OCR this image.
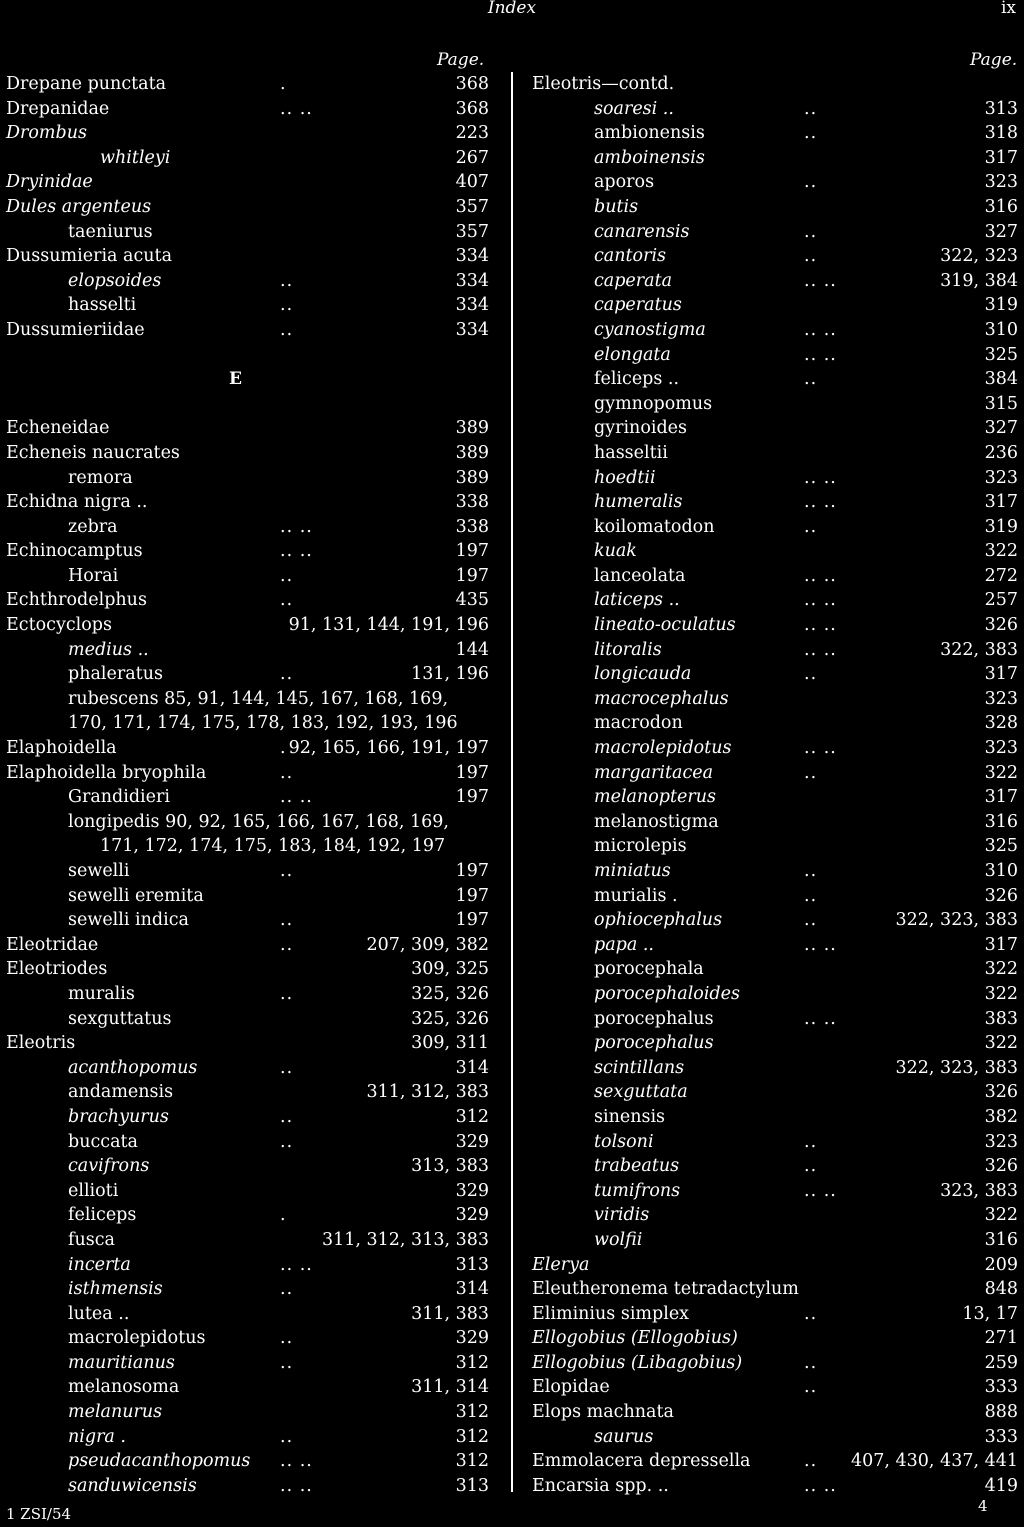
Index	ix
Page.	Page.
Drepane punctata	.	368
Drepanidae	.. ..	368
Drombus	223
whitleyi	267
Dryinidae	407
Dules argenteus	357
taeniurus	357
Dussumieria acuta	334
elopsoides	..	334
hasselti	..	334
Dussumieriidae	..	334
E
Echeneidae	389
Echeneis naucrates	389
remora	389
Echidna nigra ..	338
zebra	.. ..	338
Echinocamptus	.. ..	197
Horai	..	197
Echthrodelphus	..	435
Ectocyclops	91, 131, 144, 191, 196
medius ..	144
phaleratus	..	131, 196
rubescens 85, 91, 144, 145, 167, 168, 169,
170, 171, 174, 175, 178, 183, 192, 193, 196
Elaphoidella	. 92, 165, 166, 191, 197
Elaphoidella bryophila	..	197
Grandidieri	.. ..	197
longipedis 90, 92, 165, 166, 167, 168, 169,
171, 172, 174, 175, 183, 184, 192, 197
sewelli	..	197
sewelli eremita	197
sewelli indica	..	197
Eleotridae	..	207, 309, 382
Eleotriodes	309, 325
muralis	..	325, 326
sexguttatus	325, 326
Eleotris	309, 311
acanthopomus	..	314
andamensis	311, 312, 383
brachyurus	..	312
buccata	..	329
cavifrons	313, 383
ellioti	329
feliceps	.	329
fusca	311, 312, 313, 383
incerta	.. ..	313
isthmensis	..	314
lutea ..	311, 383
macrolepidotus	..	329
mauritianus	..	312
melanosoma	311, 314
melanurus	312
nigra .	..	312
pseudacanthopomus .. ..	312
sanduwicensis	.. ..	313
Eleotris—contd.
soaresi ..	..	313
ambionensis	..	318
amboinensis	317
aporos	..	323
butis	316
canarensis	..	327
cantoris	..	322, 323
caperata	.. ..	319, 384
caperatus	319
cyanostigma	.. ..	310
elongata	.. ..	325
feliceps ..	..	384
gymnopomus	315
gyrinoides	327
hasseltii	236
hoedtii	.. ..	323
humeralis	.. ..	317
koilomatodon	..	319
kuak	322
lanceolata	.. ..	272
laticeps ..	.. ..	257
lineato-oculatus	.. ..	326
litoralis	.. ..	322, 383
longicauda	..	317
macrocephalus	323
macrodon	328
macrolepidotus	.. ..	323
margaritacea	..	322
melanopterus	317
melanostigma	316
microlepis	325
miniatus	..	310
murialis .	..	326
ophiocephalus	..	322, 323, 383
papa ..	.. ..	317
porocephala	322
porocephaloides	322
porocephalus	.. ..	383
porocephalus	322
scintillans	322, 323, 383
sexguttata	326
sinensis	382
tolsoni	..	323
trabeatus	..	326
tumifrons	.. ..	323, 383
viridis	322
wolfii	316
Elerya	209
Eleutheronema tetradactylum	848
Eliminius simplex	..	13, 17
Ellogobius (Ellogobius)	271
Ellogobius (Libagobius)	..	259
Elopidae	..	333
Elops machnata	888
saurus	333
Emmolacera depressella	.. 407, 430, 437, 441
Encarsia spp. ..	.. ..	419
1 ZSI/54	4
